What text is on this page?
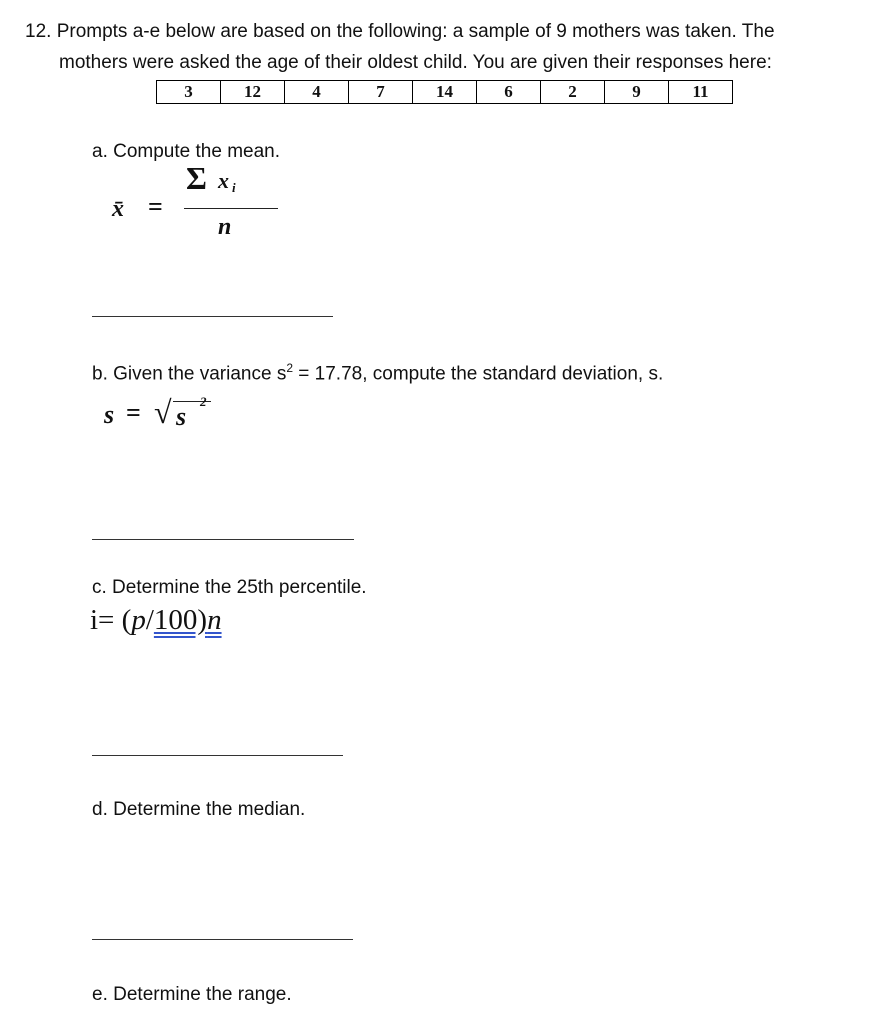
12. Prompts a-e below are based on the following: a sample of 9 mothers was taken. The
mothers were asked the age of their oldest child. You are given their responses here:
3	12	4	7	14	6	2	9	11
a. Compute the mean.
x̄ =
Σ x i
n
b. Given the variance $s^2 = 17.78$, compute the standard deviation, s.
s = √ s
2
c. Determine the 25th percentile.
i= (p/100)n
d. Determine the median.
e. Determine the range.
